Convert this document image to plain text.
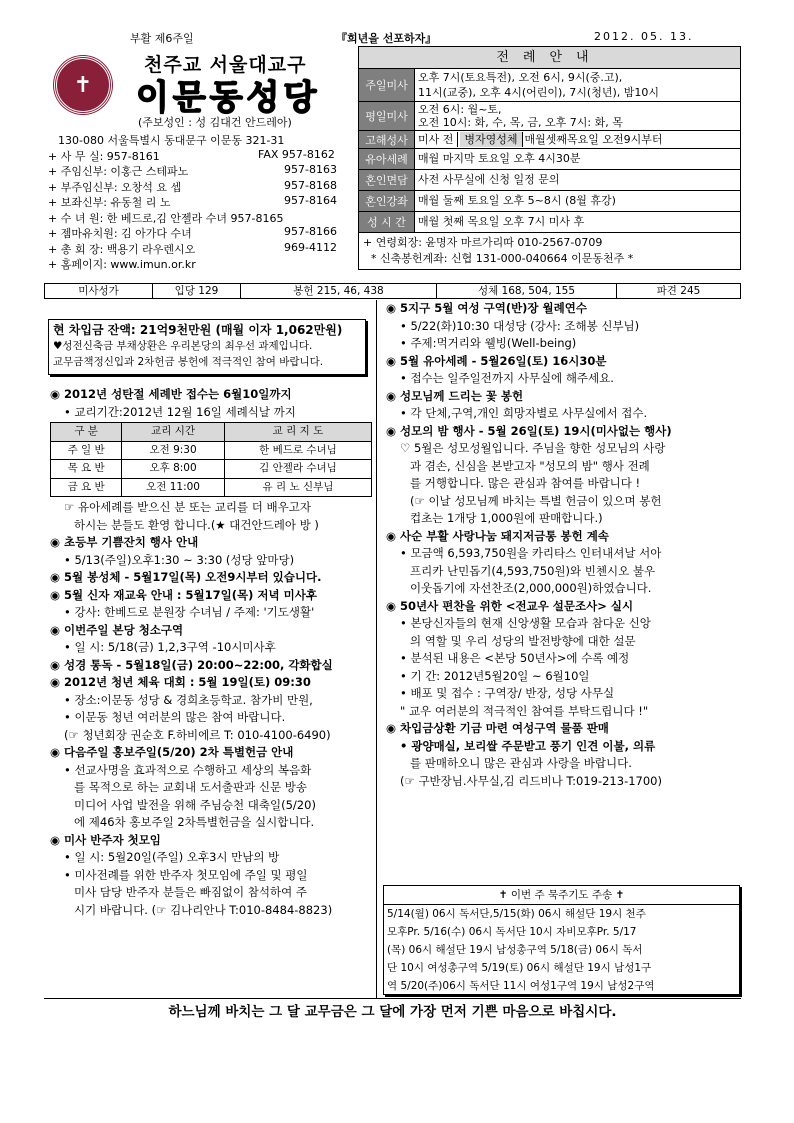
부활 제6주일	『희년을 선포하자』	2012. 05. 13.
✝
천주교 서울대교구
이문동성당
(주보성인 : 성 김대건 안드레아)
130-080 서울특별시 동대문구 이문동 321-31
+ 사 무 실: 957-8161	FAX 957-8162
+ 주임신부: 이홍근 스테파노	957-8163
+ 부주임신부: 오창석 요 셉	957-8168
+ 보좌신부: 유동철 리 노	957-8164
+ 수 녀 원: 한 베드로,김 안젤라 수녀 957-8165
+ 젬마유치원: 김 아가다 수녀	957-8166
+ 총 회 장: 백용기 라우렌시오	969-4112
+ 홈페이지: www.imun.or.kr
전례안내
주일미사
오후 7시(토요특전), 오전 6시, 9시(중.고),
11시(교중), 오후 4시(어린이), 7시(청년), 밤10시
평일미사
오전 6시: 월~토,
오전 10시: 화, 수, 목, 금, 오후 7시: 화, 목
고해성사 미사 전 병자영성체 매월셋째목요일 오전9시부터
유아세례 매월 마지막 토요일 오후 4시30분
혼인면담 사전 사무실에 신청 일정 문의
혼인강좌 매월 둘째 토요일 오후 5~8시 (8월 휴강)
성 시 간	매월 첫째 목요일 오후 7시 미사 후
+ 연령회장: 윤명자 마르가리따 010-2567-0709
* 신축봉헌계좌: 신협 131-000-040664 이문동천주 *
미사성가	입당 129	봉헌 215, 46, 438	성체 168, 504, 155	파견 245
현 차입금 잔액: 21억9천만원 (매월 이자 1,062만원)
♥성전신축금 부채상환은 우리본당의 최우선 과제입니다.
교무금책정신입과 2차헌금 봉헌에 적극적인 참여 바랍니다.

◉ 2012년 성탄절 세례반 접수는 6월10일까지

• 교리기간:2012년 12월 16일 세례식날 까지

구 분	교리 시간	교 리 지 도
주 일 반	오전 9:30	한 베드로 수녀님
목 요 반	오후 8:00	김 안젤라 수녀님
금 요 반	오전 11:00	유 리 노 신부님

☞ 유아세례를 받으신 분 또는 교리를 더 배우고자

하시는 분들도 환영 합니다.(★ 대건안드레아 방 )

◉ 초등부 기쁨잔치 행사 안내

• 5/13(주일)오후1:30 ~ 3:30 (성당 앞마당)

◉ 5월 봉성체 - 5월17일(목) 오전9시부터 있습니다.

◉ 5월 신자 재교육 안내 : 5월17일(목) 저녁 미사후

• 강사: 한베드로 분원장 수녀님 / 주제: '기도생활'

◉ 이번주일 본당 청소구역

• 일 시: 5/18(금) 1,2,3구역 -10시미사후

◉ 성경 통독 - 5월18일(금) 20:00~22:00, 각화합실

◉ 2012년 청년 체육 대회 : 5월 19일(토) 09:30

• 장소:이문동 성당 & 경희초등학교. 참가비 만원,

• 이문동 청년 여러분의 많은 참여 바랍니다.

(☞ 청년회장 권순호 F.하비에르 T: 010-4100-6490)

◉ 다음주일 홍보주일(5/20) 2차 특별헌금 안내

• 선교사명을 효과적으로 수행하고 세상의 복음화

를 목적으로 하는 교회내 도서출판과 신문 방송

미디어 사업 발전을 위해 주님승천 대축일(5/20)

에 제46차 홍보주일 2차특별헌금을 실시합니다.

◉ 미사 반주자 첫모임

• 일 시: 5월20일(주일) 오후3시 만남의 방

• 미사전례를 위한 반주자 첫모임에 주일 및 평일

미사 담당 반주자 분들은 빠짐없이 참석하여 주

시기 바랍니다. (☞ 김나리안나 T:010-8484-8823)

◉ 5지구 5월 여성 구역(반)장 월례연수

• 5/22(화)10:30 대성당 (강사: 조해봉 신부님)

• 주제:먹거리와 웰빙(Well-being)

◉ 5월 유아세례 - 5월26일(토) 16시30분

• 접수는 일주일전까지 사무실에 해주세요.

◉ 성모님께 드리는 꽃 봉헌

• 각 단체,구역,개인 희망자별로 사무실에서 접수.

◉ 성모의 밤 행사 - 5월 26일(토) 19시(미사없는 행사)

♡ 5월은 성모성월입니다. 주님을 향한 성모님의 사랑

과 겸손, 신심을 본받고자 "성모의 밤" 행사 전례

를 거행합니다. 많은 관심과 참여를 바랍니다 !

(☞ 이날 성모님께 바치는 특별 헌금이 있으며 봉헌

컵초는 1개당 1,000원에 판매합니다.)

◉ 사순 부활 사랑나눔 돼지저금통 봉헌 계속

• 모금액 6,593,750원을 카리타스 인터내셔날 서아

프리카 난민돕기(4,593,750원)와 빈첸시오 불우

이웃돕기에 자선찬조(2,000,000원)하였습니다.

◉ 50년사 편찬을 위한 <전교우 설문조사> 실시

• 본당신자들의 현재 신앙생활 모습과 참다운 신앙

의 역할 및 우리 성당의 발전방향에 대한 설문

• 분석된 내용은 <본당 50년사>에 수록 예정

• 기 간: 2012년5월20일 ~ 6월10일

• 배포 및 접수 : 구역장/ 반장, 성당 사무실

" 교우 여러분의 적극적인 참여를 부탁드립니다 !"

◉ 차입금상환 기금 마련 여성구역 물품 판매

• 광양매실, 보리쌀 주문받고 풍기 인견 이불, 의류

를 판매하오니 많은 관심과 사랑을 바랍니다.

(☞ 구반장님.사무실,김 리드비나 T:019-213-1700)

✝ 이번 주 묵주기도 주송 ✝
5/14(월) 06시 독서단,5/15(화) 06시 해설단 19시 천주
모후Pr. 5/16(수) 06시 독서단 10시 자비모후Pr. 5/17
(목) 06시 해설단 19시 남성총구역 5/18(금) 06시 독서
단 10시 여성총구역 5/19(토) 06시 해설단 19시 남성1구
역 5/20(주)06시 독서단 11시 여성1구역 19시 남성2구역
하느님께 바치는 그 달 교무금은 그 달에 가장 먼저 기쁜 마음으로 바칩시다.
